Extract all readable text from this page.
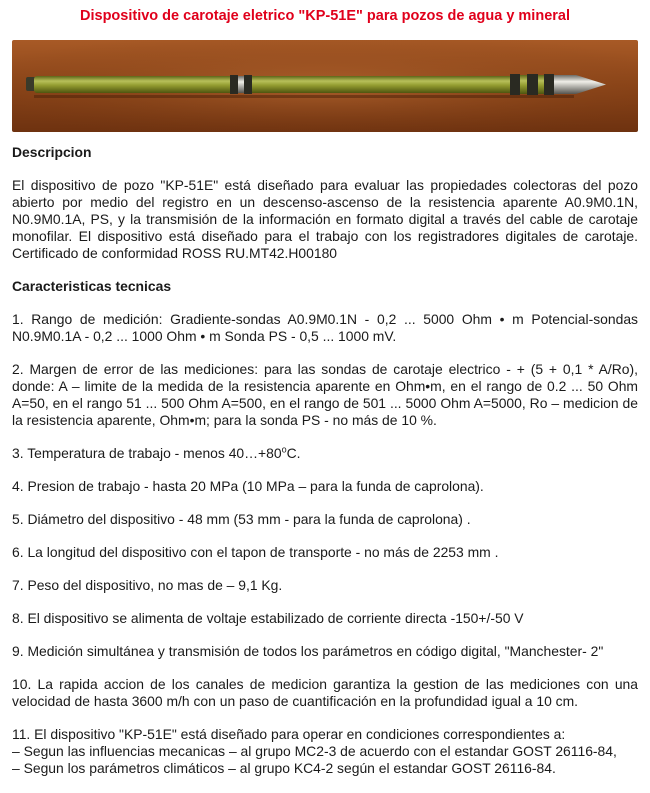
Dispositivo de carotaje eletrico "KP-51E" para pozos de agua y mineral
Descripcion

El dispositivo de pozo "KP-51E" está diseñado para evaluar las propiedades colectoras del pozo abierto por medio del registro en un descenso-ascenso de la resistencia aparente A0.9M0.1N, N0.9M0.1A, PS, y la transmisión de la información en formato digital a través del cable de carotaje monofilar. El dispositivo está diseñado para el trabajo con los registradores digitales de carotaje. Certificado de conformidad ROSS RU.MT42.H00180

Caracteristicas tecnicas

1. Rango de medición: Gradiente-sondas A0.9M0.1N - 0,2 ... 5000 Ohm • m Potencial-sondas N0.9M0.1A - 0,2 ... 1000 Ohm • m Sonda PS - 0,5 ... 1000 mV.

2. Margen de error de las mediciones: para las sondas de carotaje electrico - + (5 + 0,1 * A/Ro), donde: A – limite de la medida de la resistencia aparente en Ohm•m, en el rango de 0.2 ... 50 Ohm A=50, en el rango 51 ... 500 Ohm A=500, en el rango de 501 ... 5000 Ohm A=5000, Ro – medicion de la resistencia aparente, Ohm•m; para la sonda PS - no más de 10 %.

3. Temperatura de trabajo - menos $40\dots+80^oC$.

4. Presion de trabajo - hasta 20 MPa (10 MPa – para la funda de caprolona).

5. Diámetro del dispositivo - 48 mm (53 mm - para la funda de caprolona) .

6. La longitud del dispositivo con el tapon de transporte - no más de 2253 mm .

7. Peso del dispositivo, no mas de – 9,1 Kg.

8. El dispositivo se alimenta de voltaje estabilizado de corriente directa -150+/-50 V

9. Medición simultánea y transmisión de todos los parámetros en código digital, "Manchester- 2"

10. La rapida accion de los canales de medicion garantiza la gestion de las mediciones con una velocidad de hasta 3600 m/h con un paso de cuantificación en la profundidad igual a 10 cm.

11. El dispositivo "KP-51E" está diseñado para operar en condiciones correspondientes a:
– Segun las influencias mecanicas – al grupo MC2-3 de acuerdo con el estandar GOST 26116-84,
– Segun los parámetros climáticos – al grupo KC4-2 según el estandar GOST 26116-84.
